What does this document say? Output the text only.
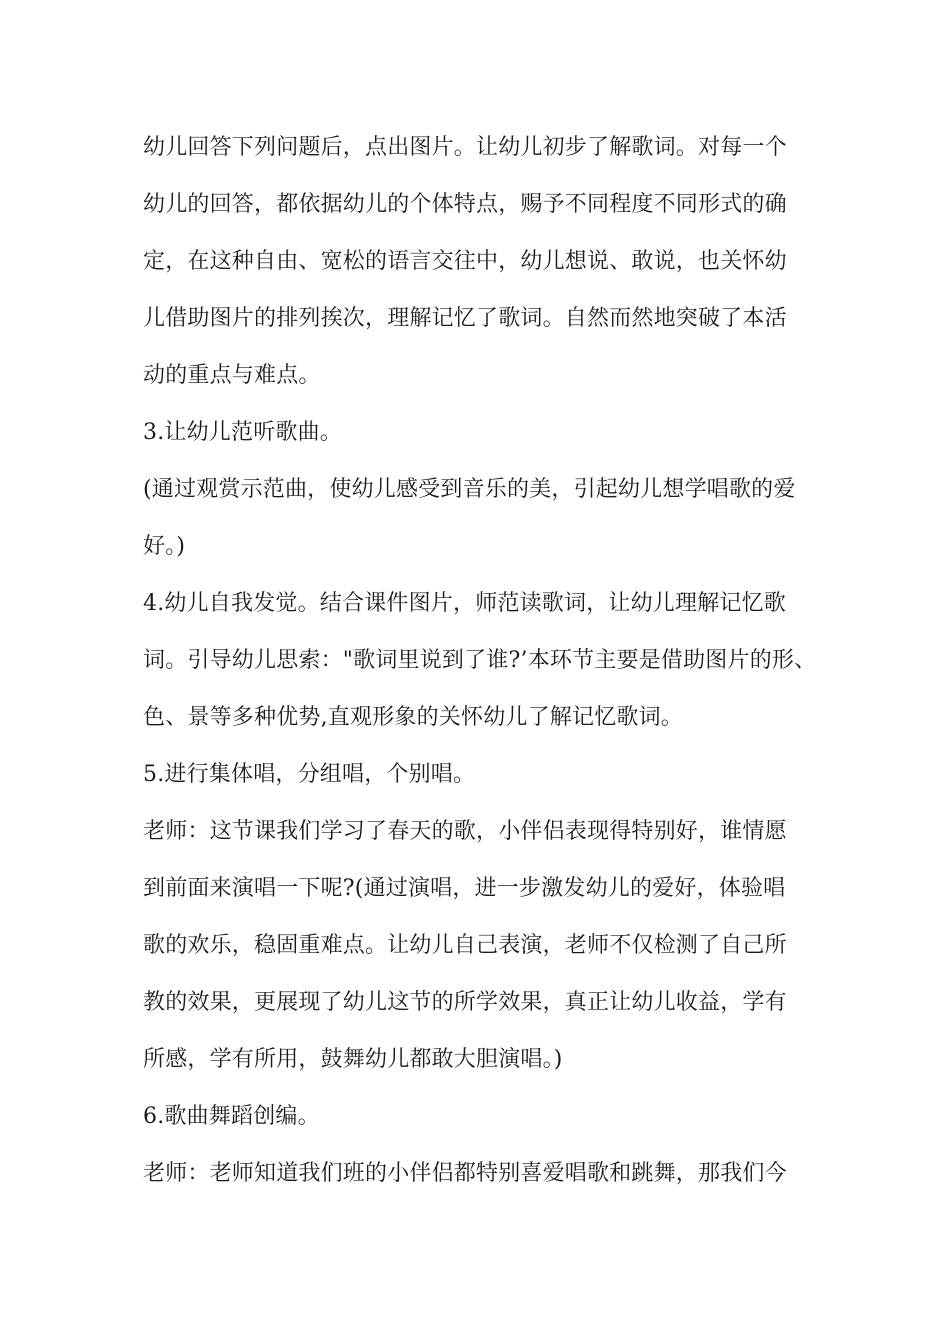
幼儿回答下列问题后，点出图片。让幼儿初步了解歌词。对每一个
幼儿的回答，都依据幼儿的个体特点，赐予不同程度不同形式的确
定，在这种自由、宽松的语言交往中，幼儿想说、敢说，也关怀幼
儿借助图片的排列挨次，理解记忆了歌词。自然而然地突破了本活
动的重点与难点。
3.让幼儿范听歌曲。
(通过观赏示范曲，使幼儿感受到音乐的美，引起幼儿想学唱歌的爱
好。)
4.幼儿自我发觉。结合课件图片，师范读歌词，让幼儿理解记忆歌
词。引导幼儿思索："歌词里说到了谁?’本环节主要是借助图片的形、
色、景等多种优势,直观形象的关怀幼儿了解记忆歌词。
5.进行集体唱，分组唱，个别唱。
老师：这节课我们学习了春天的歌，小伴侣表现得特别好，谁情愿
到前面来演唱一下呢?(通过演唱，进一步激发幼儿的爱好，体验唱
歌的欢乐，稳固重难点。让幼儿自己表演，老师不仅检测了自己所
教的效果，更展现了幼儿这节的所学效果，真正让幼儿收益，学有
所感，学有所用，鼓舞幼儿都敢大胆演唱。)
6.歌曲舞蹈创编。
老师：老师知道我们班的小伴侣都特别喜爱唱歌和跳舞，那我们今
